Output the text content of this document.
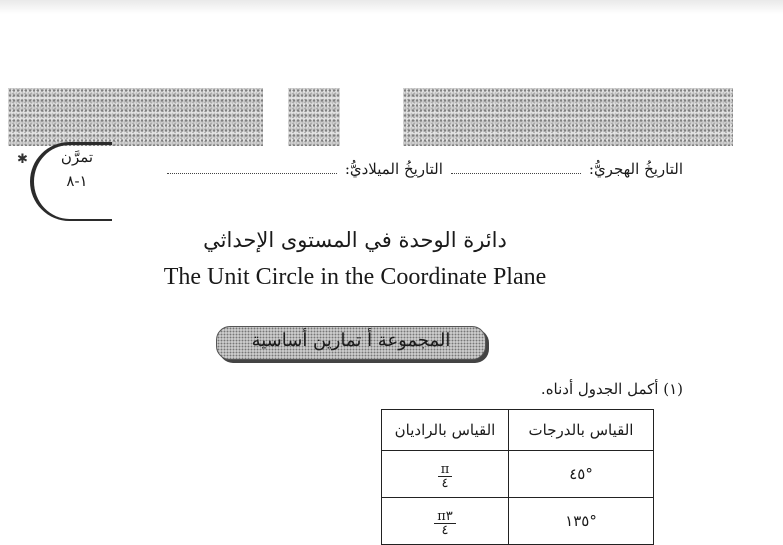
✱	تمرَّن
١-٨
التاريخُ الهجريُّ:
التاريخُ الميلاديُّ:
دائرة الوحدة في المستوى الإحداثي
The Unit Circle in the Coordinate Plane
المجموعة أ تمارين أساسية
(١) أكمل الجدول أدناه.
القياس بالدرجات	القياس بالراديان
°٤٥	$\frac{\pi}{٤}$

°١٣٥	$\frac{\pi ٣}{٤}$
